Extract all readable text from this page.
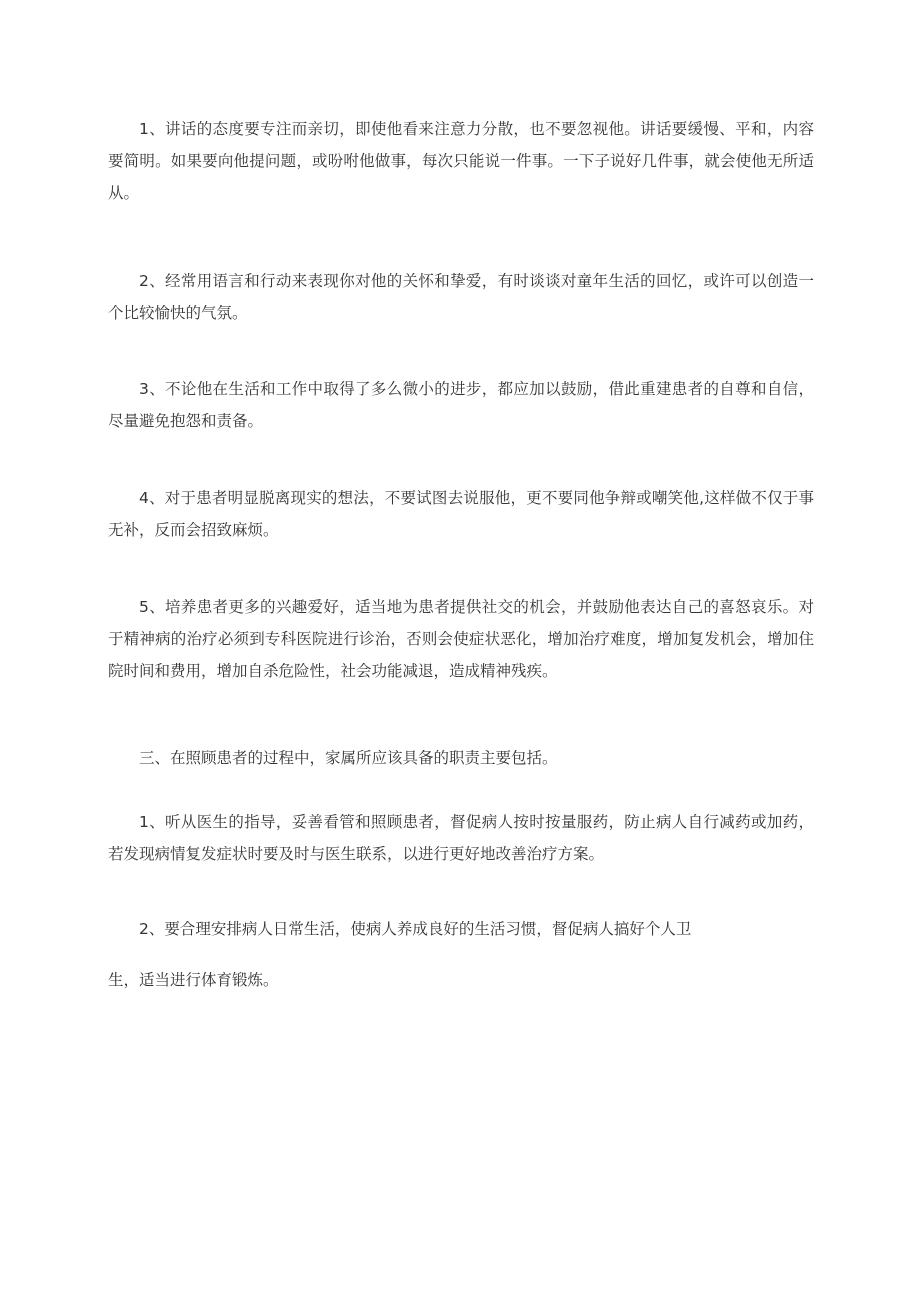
1、讲话的态度要专注而亲切，即使他看来注意力分散，也不要忽视他。讲话要缓慢、平和，内容要简明。如果要向他提问题，或吩咐他做事，每次只能说一件事。一下子说好几件事，就会使他无所适从。

2、经常用语言和行动来表现你对他的关怀和挚爱，有时谈谈对童年生活的回忆，或许可以创造一个比较愉快的气氛。

3、不论他在生活和工作中取得了多么微小的进步，都应加以鼓励，借此重建患者的自尊和自信，尽量避免抱怨和责备。

4、对于患者明显脱离现实的想法，不要试图去说服他，更不要同他争辩或嘲笑他,这样做不仅于事无补，反而会招致麻烦。

5、培养患者更多的兴趣爱好，适当地为患者提供社交的机会，并鼓励他表达自己的喜怒哀乐。对于精神病的治疗必须到专科医院进行诊治，否则会使症状恶化，增加治疗难度，增加复发机会，增加住院时间和费用，增加自杀危险性，社会功能减退，造成精神残疾。

三、在照顾患者的过程中，家属所应该具备的职责主要包括。

1、听从医生的指导，妥善看管和照顾患者，督促病人按时按量服药，防止病人自行减药或加药，若发现病情复发症状时要及时与医生联系，以进行更好地改善治疗方案。

2、要合理安排病人日常生活，使病人养成良好的生活习惯，督促病人搞好个人卫

生，适当进行体育锻炼。
